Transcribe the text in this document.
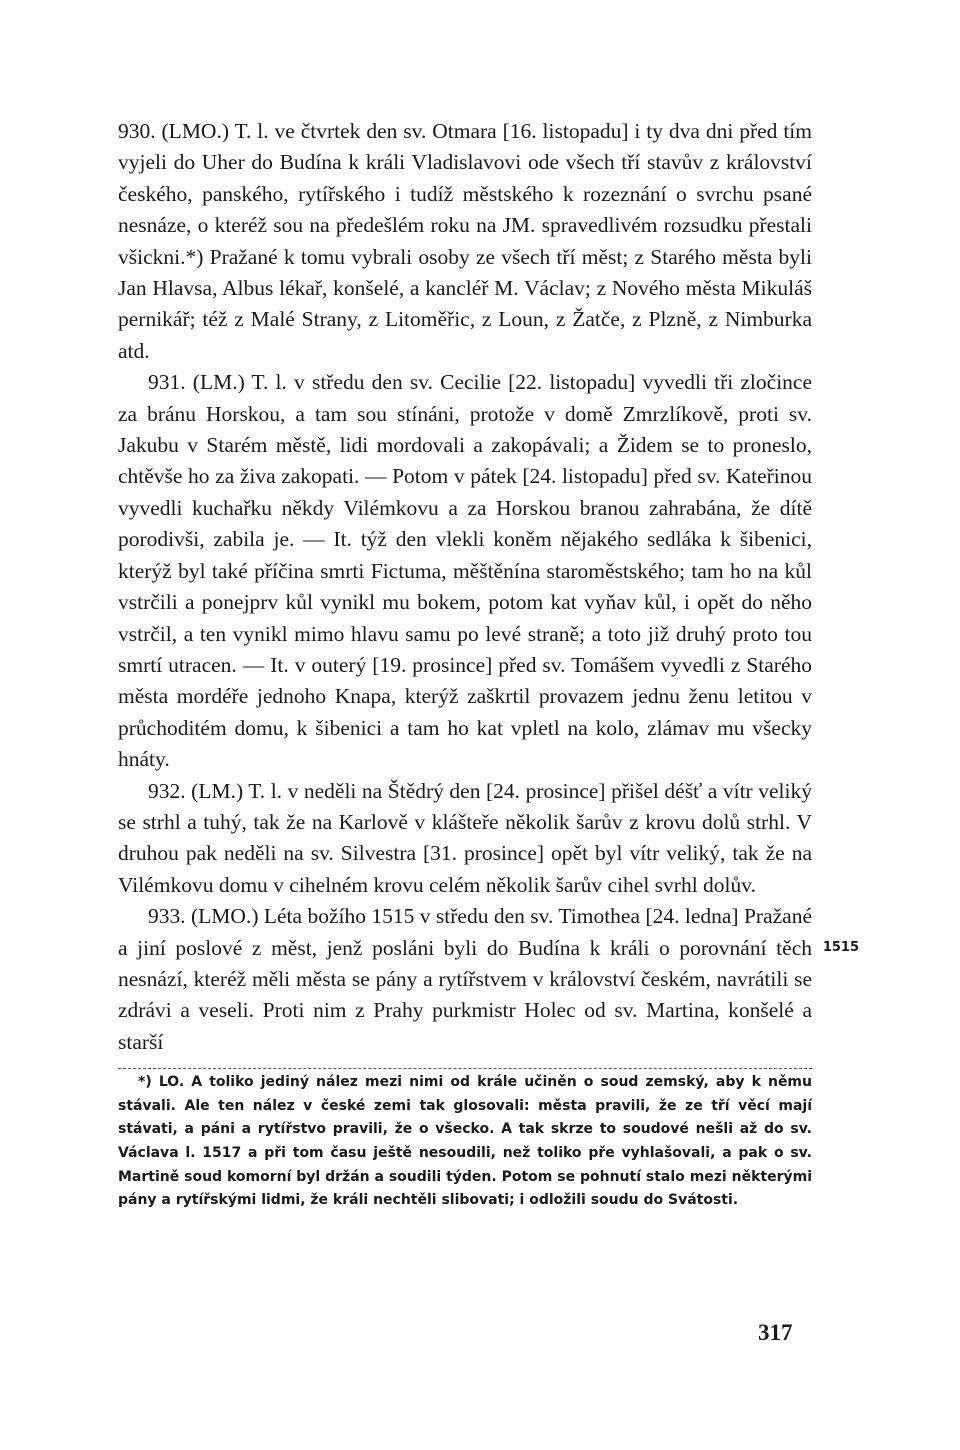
930. (LMO.) T. l. ve čtvrtek den sv. Otmara [16. listopadu] i ty dva dni před tím vyjeli do Uher do Budína k králi Vladislavovi ode všech tří stavův z království českého, panského, rytířského i tudíž městského k rozeznání o svrchu psané nesnáze, o kteréž sou na předešlém roku na JM. spravedlivém rozsudku přestali všickni.*) Pražané k tomu vybrali osoby ze všech tří měst; z Starého města byli Jan Hlavsa, Albus lékař, konšelé, a kancléř M. Václav; z Nového města Mikuláš pernikář; též z Malé Strany, z Litoměřic, z Loun, z Žatče, z Plzně, z Nimburka atd.

931. (LM.) T. l. v středu den sv. Cecilie [22. listopadu] vyvedli tři zločince za bránu Horskou, a tam sou stínáni, protože v domě Zmrzlíkově, proti sv. Jakubu v Starém městě, lidi mordovali a zakopávali; a Židem se to proneslo, chtěvše ho za živa zakopati. — Potom v pátek [24. listopadu] před sv. Kateřinou vyvedli kuchařku někdy Vilémkovu a za Horskou branou zahrabána, že dítě porodivši, zabila je. — It. týž den vlekli koněm nějakého sedláka k šibenici, kterýž byl také příčina smrti Fictuma, měštěnína staroměstského; tam ho na kůl vstrčili a ponejprv kůl vynikl mu bokem, potom kat vyňav kůl, i opět do něho vstrčil, a ten vynikl mimo hlavu samu po levé straně; a toto již druhý proto tou smrtí utracen. — It. v outerý [19. prosince] před sv. Tomášem vyvedli z Starého města mordéře jednoho Knapa, kterýž zaškrtil provazem jednu ženu letitou v průchoditém domu, k šibenici a tam ho kat vpletl na kolo, zlámav mu všecky hnáty.

932. (LM.) T. l. v neděli na Štědrý den [24. prosince] přišel déšť a vítr veliký se strhl a tuhý, tak že na Karlově v klášteře několik šarův z krovu dolů strhl. V druhou pak neděli na sv. Silvestra [31. prosince] opět byl vítr veliký, tak že na Vilémkovu domu v cihelném krovu celém několik šarův cihel svrhl dolův.

933. (LMO.) Léta božího 1515 v středu den sv. Timothea [24. ledna] Pražané a jiní poslové z měst, jenž posláni byli do Budína k králi o porovnání těch nesnází, kteréž měli města se pány a rytířstvem v království českém, navrátili se zdrávi a veseli. Proti nim z Prahy purkmistr Holec od sv. Martina, konšelé a starší

1515

*) LO. A toliko jediný nález mezi nimi od krále učiněn o soud zemský, aby k němu stávali. Ale ten nález v české zemi tak glosovali: města pravili, že ze tří věcí mají stávati, a páni a rytířstvo pravili, že o všecko. A tak skrze to soudové nešli až do sv. Václava l. 1517 a při tom času ještě nesoudili, než toliko pře vyhlašovali, a pak o sv. Martině soud komorní byl držán a soudili týden. Potom se pohnutí stalo mezi některými pány a rytířskými lidmi, že králi nechtěli slibovati; i odložili soudu do Svátosti.

317
